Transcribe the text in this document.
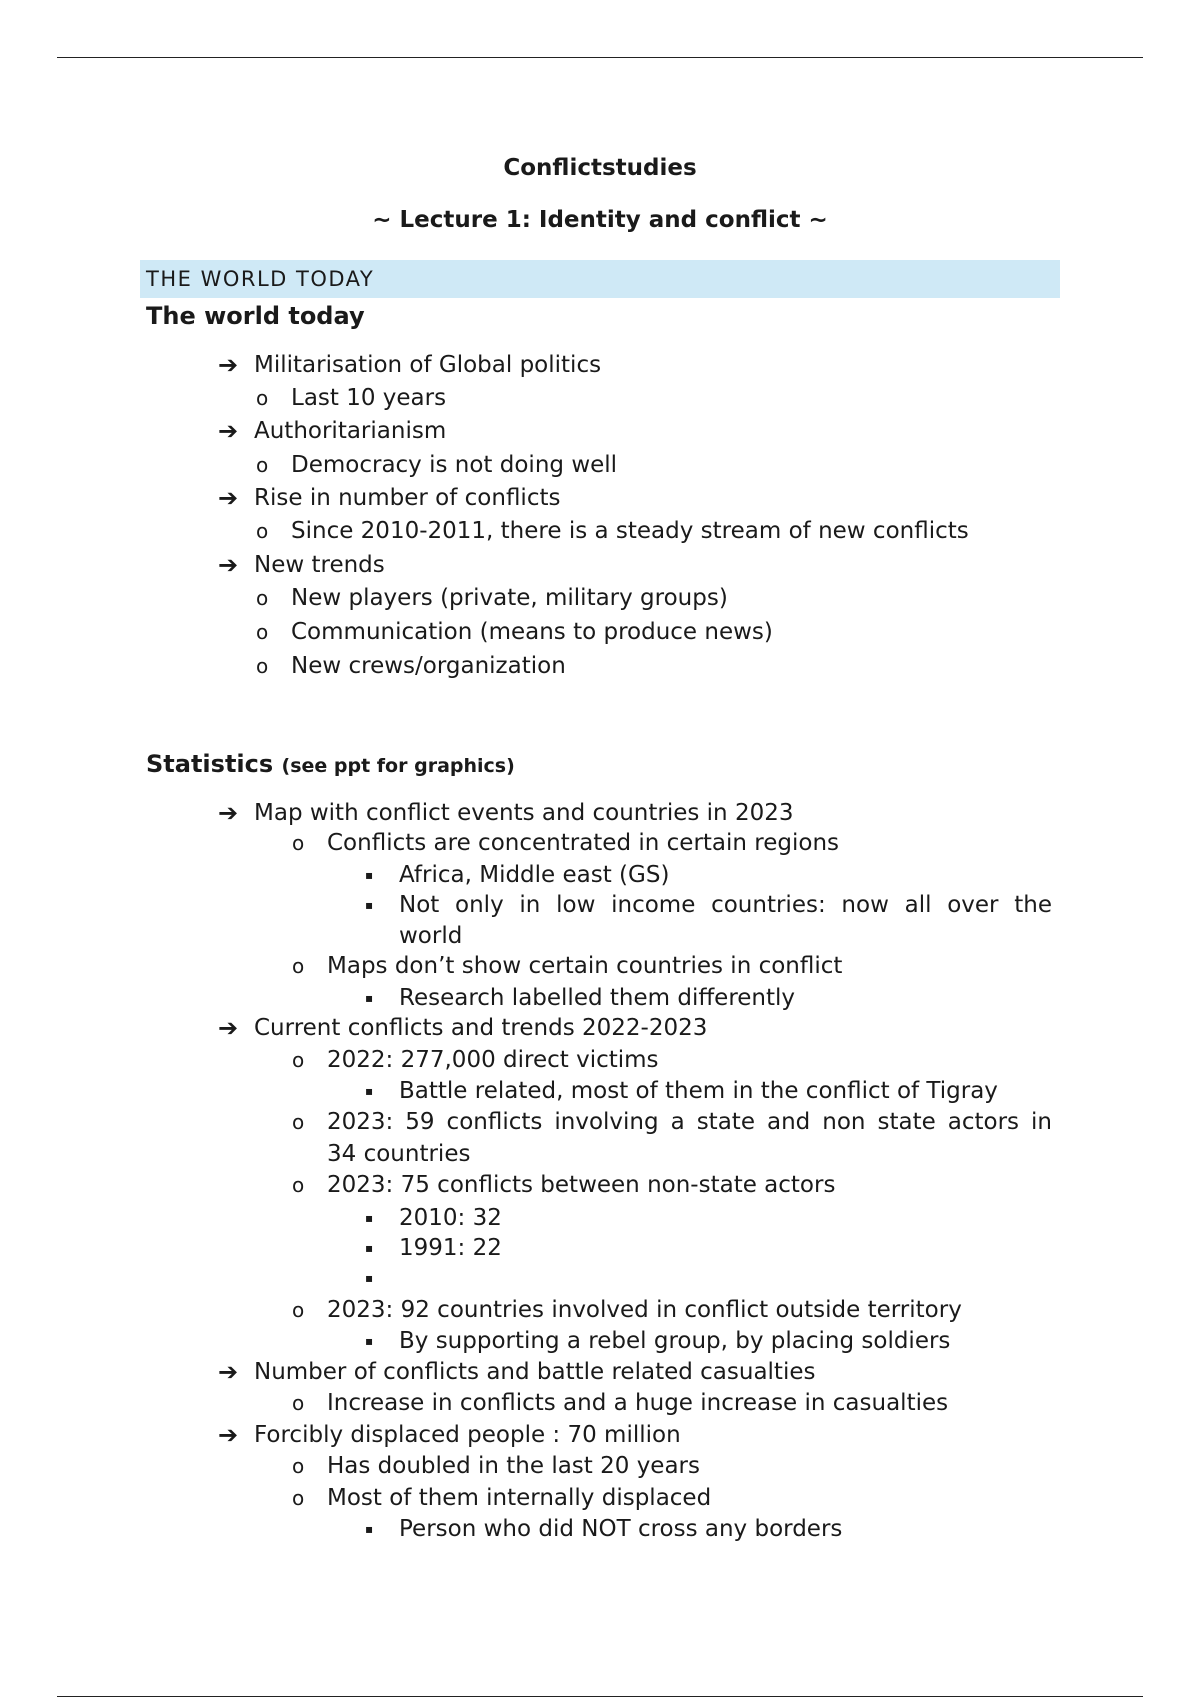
Conflictstudies
~ Lecture 1: Identity and conflict ~
THE WORLD TODAY
The world today
➔ Militarisation of Global politics
o Last 10 years
➔ Authoritarianism
o Democracy is not doing well
➔ Rise in number of conflicts
o Since 2010-2011, there is a steady stream of new conflicts
➔ New trends
o New players (private, military groups)
o Communication (means to produce news)
o New crews/organization
Statistics (see ppt for graphics)
➔ Map with conflict events and countries in 2023
o Conflicts are concentrated in certain regions
▪ Africa, Middle east (GS)
▪ Not only in low income countries: now all over the
world
o Maps don’t show certain countries in conflict
▪ Research labelled them differently
➔ Current conflicts and trends 2022-2023
o 2022: 277,000 direct victims
▪ Battle related, most of them in the conflict of Tigray
o 2023: 59 conflicts involving a state and non state actors in
34 countries
o 2023: 75 conflicts between non-state actors
▪ 2010: 32
▪ 1991: 22
▪
o 2023: 92 countries involved in conflict outside territory
▪ By supporting a rebel group, by placing soldiers
➔ Number of conflicts and battle related casualties
o Increase in conflicts and a huge increase in casualties
➔ Forcibly displaced people : 70 million
o Has doubled in the last 20 years
o Most of them internally displaced
▪ Person who did NOT cross any borders
